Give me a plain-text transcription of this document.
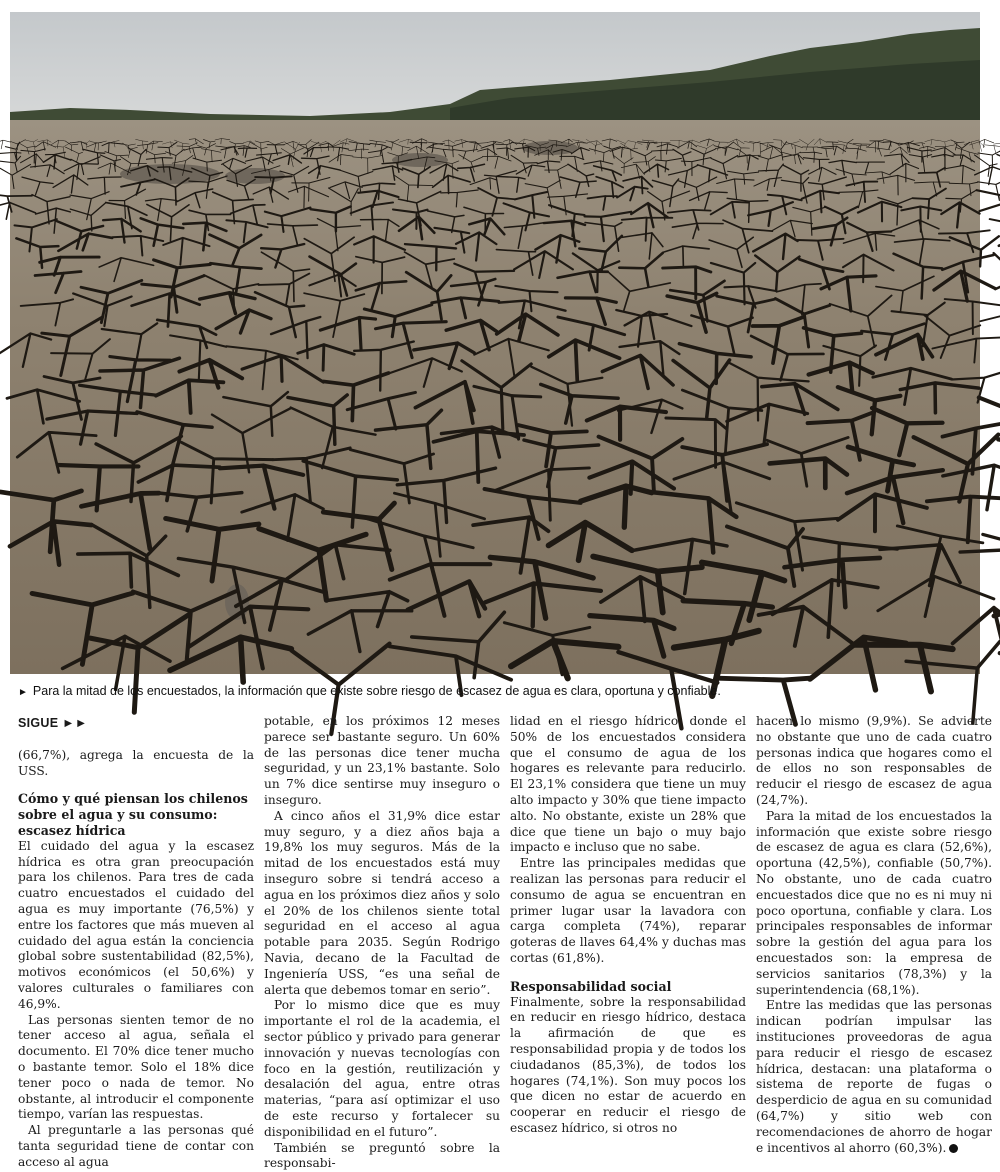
► Para la mitad de los encuestados, la información que existe sobre riesgo de escasez de agua es clara, oportuna y confiable.
SIGUE ►►

(66,7%), agrega la encuesta de la USS.

Cómo y qué piensan los chilenos sobre el agua y su consumo: escasez hídrica

El cuidado del agua y la escasez hídrica es otra gran preocupación para los chilenos. Para tres de cada cuatro encuestados el cuidado del agua es muy importante (76,5%) y entre los factores que más mueven al cuidado del agua están la conciencia global sobre sustentabilidad (82,5%), motivos económicos (el 50,6%) y valores culturales o familiares con 46,9%.

Las personas sienten temor de no tener acceso al agua, señala el documento. El 70% dice tener mucho o bastante temor. Solo el 18% dice tener poco o nada de temor. No obstante, al introducir el componente tiempo, varían las respuestas.

Al preguntarle a las personas qué tanta seguridad tiene de contar con acceso al agua

potable, en los próximos 12 meses parece ser bastante seguro. Un 60% de las personas dice tener mucha seguridad, y un 23,1% bastante. Solo un 7% dice sentirse muy inseguro o inseguro.

A cinco años el 31,9% dice estar muy seguro, y a diez años baja a 19,8% los muy seguros. Más de la mitad de los encuestados está muy inseguro sobre si tendrá acceso a agua en los próximos diez años y solo el 20% de los chilenos siente total seguridad en el acceso al agua potable para 2035. Según Rodrigo Navia, decano de la Facultad de Ingeniería USS, “es una señal de alerta que debemos tomar en serio”.

Por lo mismo dice que es muy importante el rol de la academia, el sector público y privado para generar innovación y nuevas tecnologías con foco en la gestión, reutilización y desalación del agua, entre otras materias, “para así optimizar el uso de este recurso y fortalecer su disponibilidad en el futuro”.

También se preguntó sobre la responsabi-

lidad en el riesgo hídrico, donde el 50% de los encuestados considera que el consumo de agua de los hogares es relevante para reducirlo. El 23,1% considera que tiene un muy alto impacto y 30% que tiene impacto alto. No obstante, existe un 28% que dice que tiene un bajo o muy bajo impacto e incluso que no sabe.

Entre las principales medidas que realizan las personas para reducir el consumo de agua se encuentran en primer lugar usar la lavadora con carga completa (74%), reparar goteras de llaves 64,4% y duchas mas cortas (61,8%).

Responsabilidad social

Finalmente, sobre la responsabilidad en reducir en riesgo hídrico, destaca la afirmación de que es responsabilidad propia y de todos los ciudadanos (85,3%), de todos los hogares (74,1%). Son muy pocos los que dicen no estar de acuerdo en cooperar en reducir el riesgo de escasez hídrico, si otros no

hacen lo mismo (9,9%). Se advierte no obstante que uno de cada cuatro personas indica que hogares como el de ellos no son responsables de reducir el riesgo de escasez de agua (24,7%).

Para la mitad de los encuestados la información que existe sobre riesgo de escasez de agua es clara (52,6%), oportuna (42,5%), confiable (50,7%). No obstante, uno de cada cuatro encuestados dice que no es ni muy ni poco oportuna, confiable y clara. Los principales responsables de informar sobre la gestión del agua para los encuestados son: la empresa de servicios sanitarios (78,3%) y la superintendencia (68,1%).

Entre las medidas que las personas indican podrían impulsar las instituciones proveedoras de agua para reducir el riesgo de escasez hídrica, destacan: una plataforma o sistema de reporte de fugas o desperdicio de agua en su comunidad (64,7%) y sitio web con recomendaciones de ahorro de hogar e incentivos al ahorro (60,3%).
